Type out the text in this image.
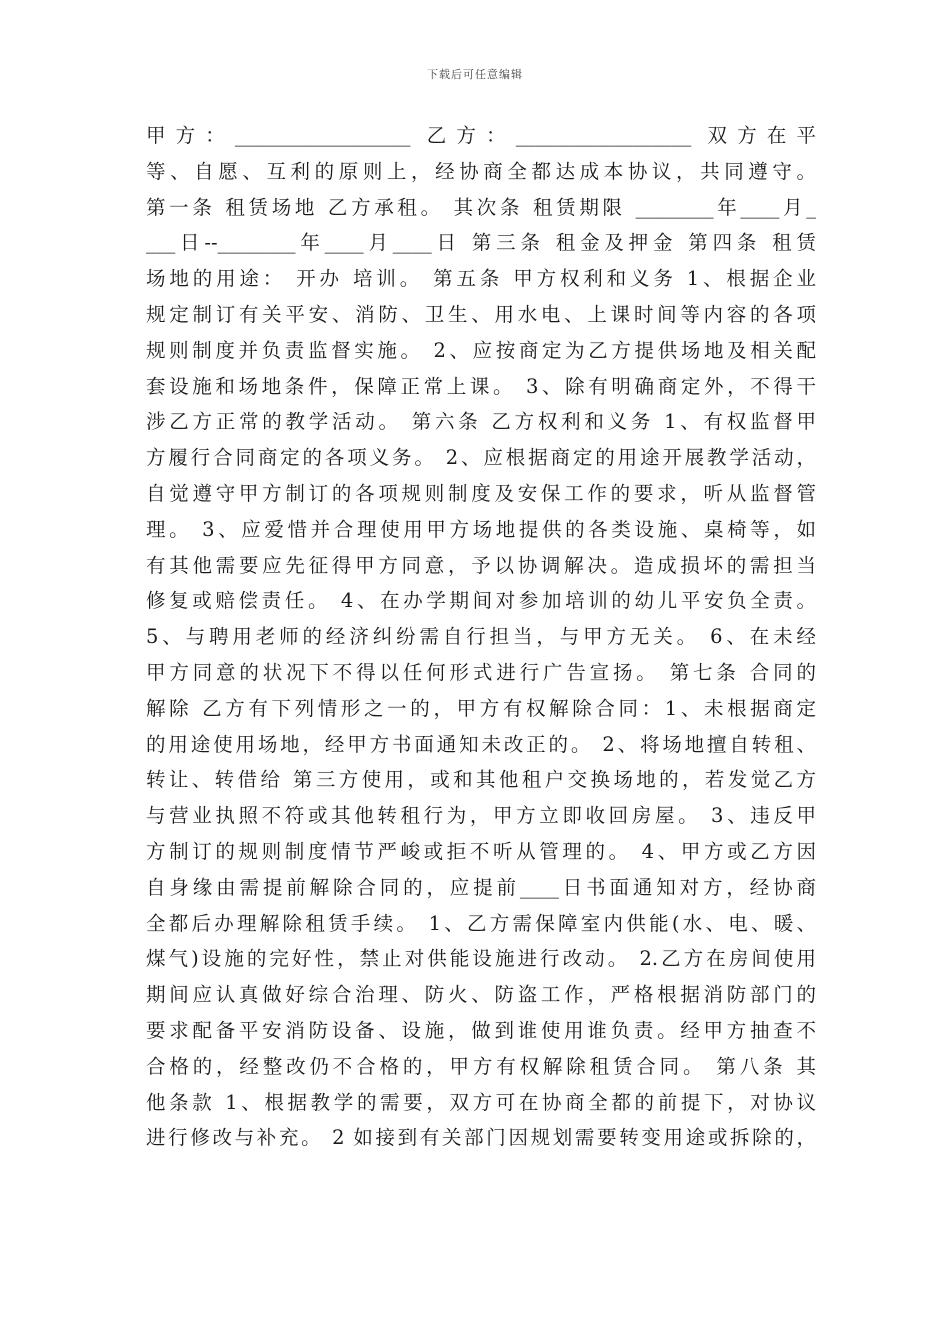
下载后可任意编辑
甲方：__________________ 乙方：__________________ 双方在平
等、自愿、互利的原则上，经协商全都达成本协议，共同遵守。
第一条 租赁场地 乙方承租。 其次条 租赁期限 ________年____月_
___日--________年____月____日 第三条 租金及押金 第四条 租赁
场地的用途： 开办 培训。 第五条 甲方权利和义务 1、根据企业
规定制订有关平安、消防、卫生、用水电、上课时间等内容的各项
规则制度并负责监督实施。 2、应按商定为乙方提供场地及相关配
套设施和场地条件，保障正常上课。 3、除有明确商定外，不得干
涉乙方正常的教学活动。 第六条 乙方权利和义务 1、有权监督甲
方履行合同商定的各项义务。 2、应根据商定的用途开展教学活动，
自觉遵守甲方制订的各项规则制度及安保工作的要求，听从监督管
理。 3、应爱惜并合理使用甲方场地提供的各类设施、桌椅等，如
有其他需要应先征得甲方同意，予以协调解决。造成损坏的需担当
修复或赔偿责任。 4、在办学期间对参加培训的幼儿平安负全责。
5、与聘用老师的经济纠纷需自行担当，与甲方无关。 6、在未经
甲方同意的状况下不得以任何形式进行广告宣扬。 第七条 合同的
解除 乙方有下列情形之一的，甲方有权解除合同：1、未根据商定
的用途使用场地，经甲方书面通知未改正的。 2、将场地擅自转租、
转让、转借给 第三方使用，或和其他租户交换场地的，若发觉乙方
与营业执照不符或其他转租行为，甲方立即收回房屋。 3、违反甲
方制订的规则制度情节严峻或拒不听从管理的。 4、甲方或乙方因
自身缘由需提前解除合同的，应提前____日书面通知对方，经协商
全都后办理解除租赁手续。 1、乙方需保障室内供能(水、电、暖、
煤气)设施的完好性，禁止对供能设施进行改动。 2.乙方在房间使用
期间应认真做好综合治理、防火、防盗工作，严格根据消防部门的
要求配备平安消防设备、设施，做到谁使用谁负责。经甲方抽查不
合格的，经整改仍不合格的，甲方有权解除租赁合同。 第八条 其
他条款 1、根据教学的需要，双方可在协商全都的前提下，对协议
进行修改与补充。 2 如接到有关部门因规划需要转变用途或拆除的，
